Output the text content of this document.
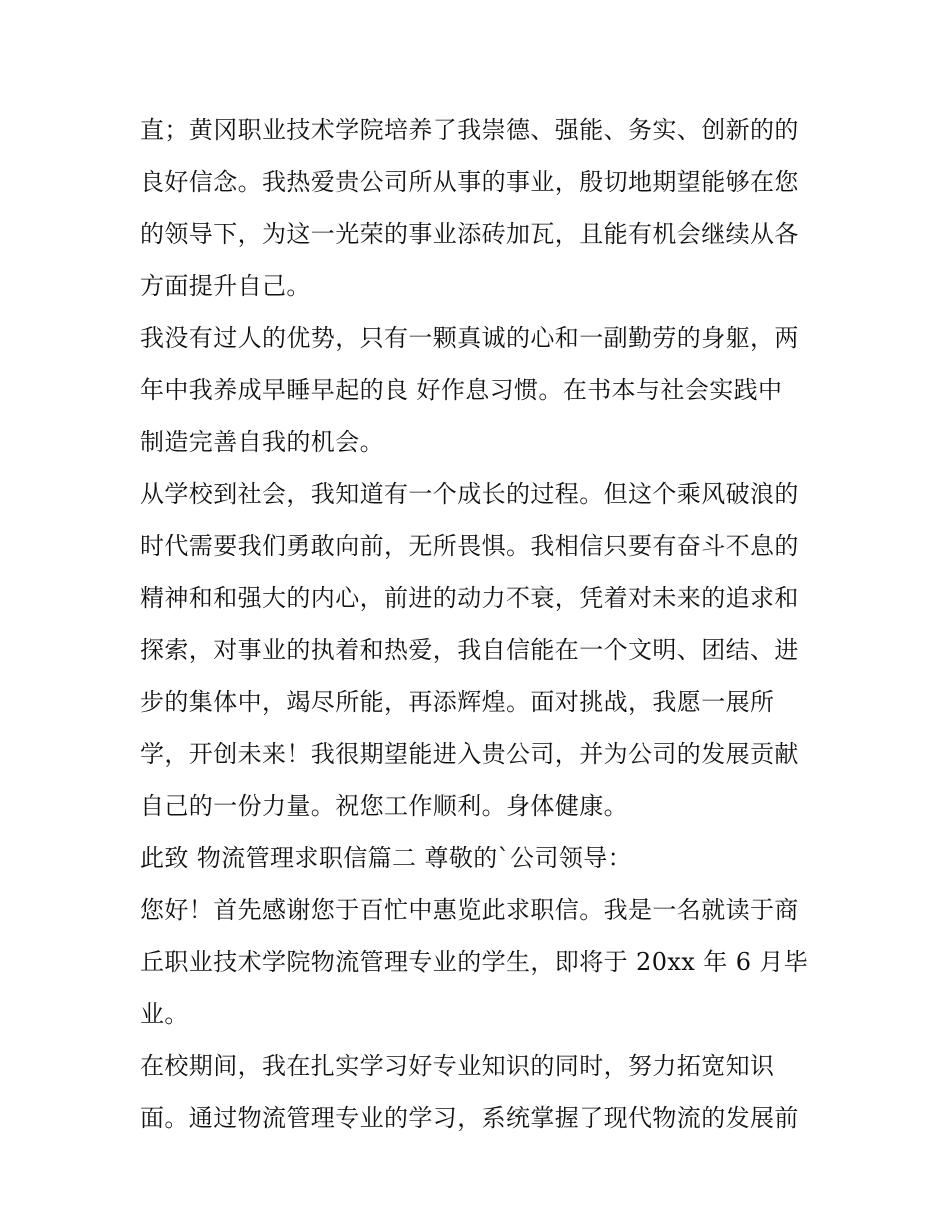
直；黄冈职业技术学院培养了我崇德、强能、务实、创新的的
良好信念。我热爱贵公司所从事的事业，殷切地期望能够在您
的领导下，为这一光荣的事业添砖加瓦，且能有机会继续从各
方面提升自己。
我没有过人的优势，只有一颗真诚的心和一副勤劳的身躯，两
年中我养成早睡早起的良 好作息习惯。在书本与社会实践中
制造完善自我的机会。
从学校到社会，我知道有一个成长的过程。但这个乘风破浪的
时代需要我们勇敢向前，无所畏惧。我相信只要有奋斗不息的
精神和和强大的内心，前进的动力不衰，凭着对未来的追求和
探索，对事业的执着和热爱，我自信能在一个文明、团结、进
步的集体中，竭尽所能，再添辉煌。面对挑战，我愿一展所
学，开创未来！我很期望能进入贵公司，并为公司的发展贡献
自己的一份力量。祝您工作顺利。身体健康。
此致 物流管理求职信篇二 尊敬的`公司领导：
您好！首先感谢您于百忙中惠览此求职信。我是一名就读于商
丘职业技术学院物流管理专业的学生，即将于 20xx 年 6 月毕
业。
在校期间，我在扎实学习好专业知识的同时，努力拓宽知识
面。通过物流管理专业的学习，系统掌握了现代物流的发展前
